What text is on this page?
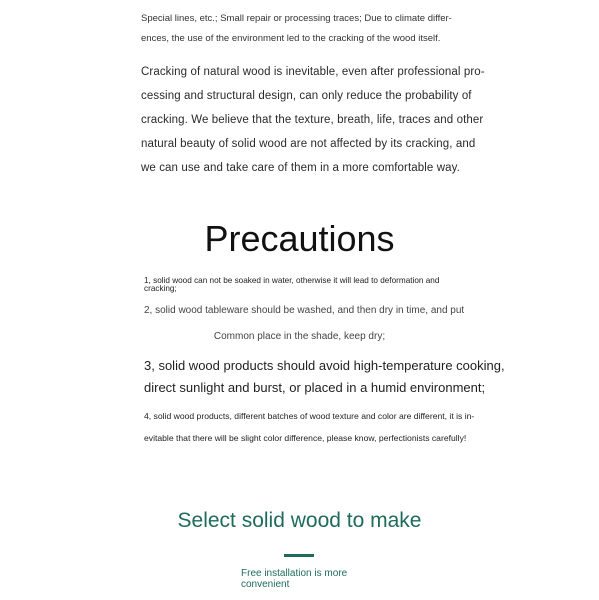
Special lines, etc.; Small repair or processing traces; Due to climate differ-

ences, the use of the environment led to the cracking of the wood itself.

Cracking of natural wood is inevitable, even after professional pro-

cessing and structural design, can only reduce the probability of

cracking. We believe that the texture, breath, life, traces and other

natural beauty of solid wood are not affected by its cracking, and

we can use and take care of them in a more comfortable way.

Precautions

1, solid wood can not be soaked in water, otherwise it will lead to deformation and

cracking;

2, solid wood tableware should be washed, and then dry in time, and put

Common place in the shade, keep dry;

3, solid wood products should avoid high-temperature cooking,

direct sunlight and burst, or placed in a humid environment;

4, solid wood products, different batches of wood texture and color are different, it is in-

evitable that there will be slight color difference, please know, perfectionists carefully!

Select solid wood to make

Free installation is more convenient
